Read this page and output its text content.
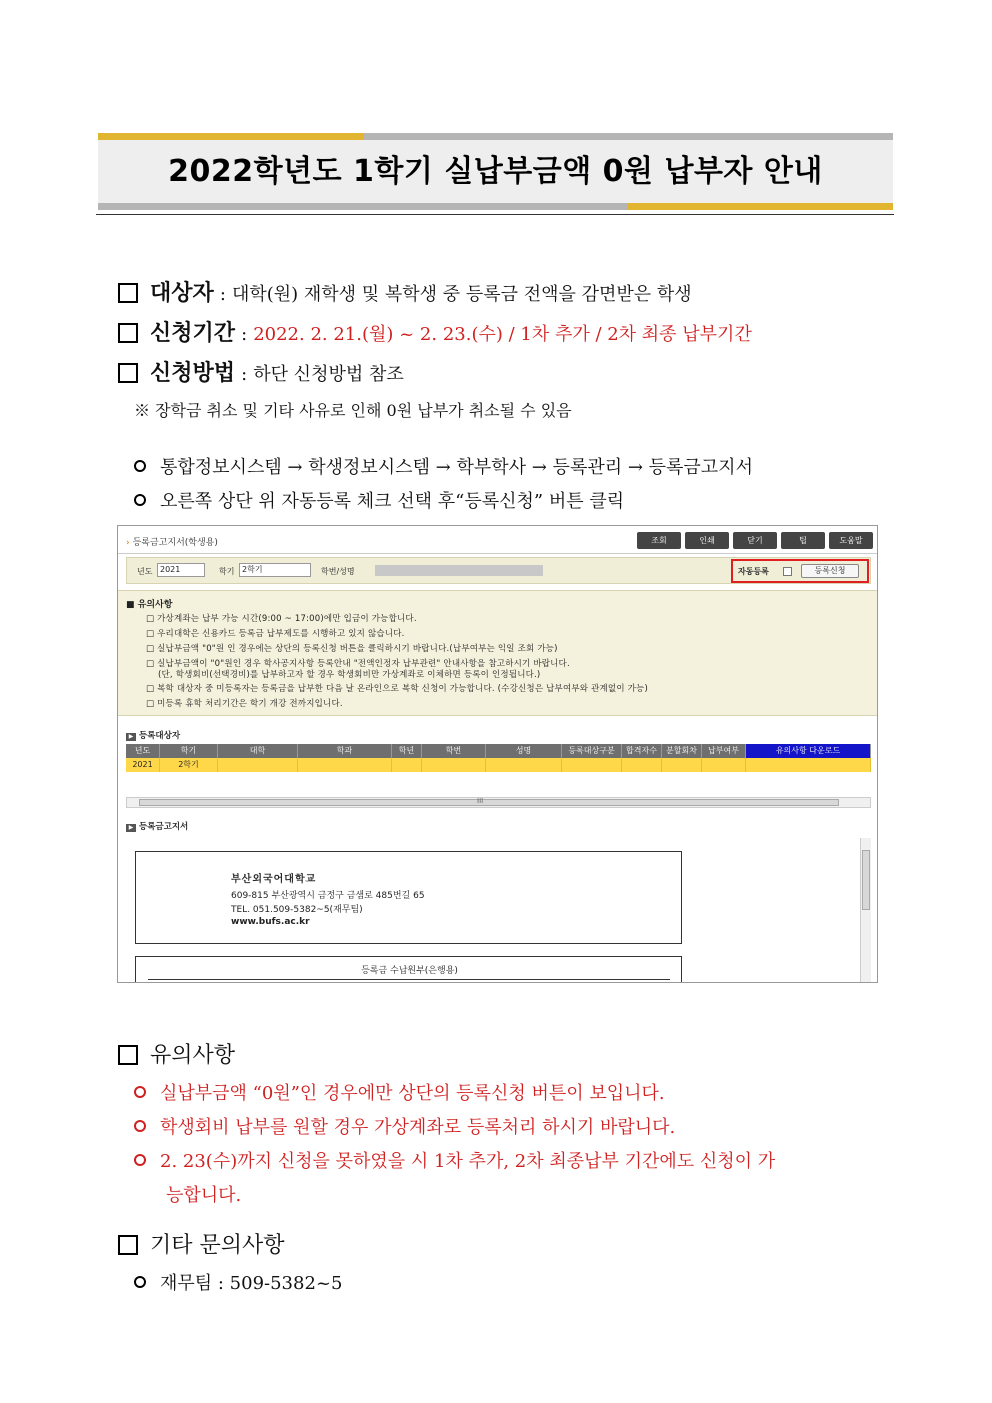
2022학년도 1학기 실납부금액 0원 납부자 안내
대상자 : 대학(원) 재학생 및 복학생 중 등록금 전액을 감면받은 학생
신청기간 : 2022. 2. 21.(월) ~ 2. 23.(수) / 1차 추가 / 2차 최종 납부기간
신청방법 : 하단 신청방법 참조
※ 장학금 취소 및 기타 사유로 인해 0원 납부가 취소될 수 있음
통합정보시스템 → 학생정보시스템 → 학부학사 → 등록관리 → 등록금고지서
오른쪽 상단 위 자동등록 체크 선택 후“등록신청” 버튼 클릭
› 등록금고지서(학생용)	조회	인쇄	닫기	팁	도움말
년도 2021	학기 2학기	학번/성명	자동등록	등록신청
■ 유의사항
□ 가상계좌는 납부 가능 시간(9:00 ~ 17:00)에만 입금이 가능합니다.
□ 우리대학은 신용카드 등록금 납부제도를 시행하고 있지 않습니다.
□ 실납부금액 "0"원 인 경우에는 상단의 등록신청 버튼을 클릭하시기 바랍니다.(납부여부는 익일 조회 가능)
□ 실납부금액이 "0"원인 경우 학사공지사항 등록안내 "전액인정자 납부관련" 안내사항을 참고하시기 바랍니다.
(단, 학생회비(선택경비)를 납부하고자 할 경우 학생회비만 가상계좌로 이체하면 등록이 인정됩니다.)
□ 복학 대상자 중 미등록자는 등록금을 납부한 다음 날 온라인으로 복학 신청이 가능합니다. (수강신청은 납부여부와 관계없이 가능)
□ 미등록 휴학 처리기간은 학기 개강 전까지입니다.
▶ 등록대상자
년도	학기	대학	학과	학년	학번	성명	등록대상구분	합격자수	분할회차	납부여부	유의사항 다운로드
2021	2학기
III
▶ 등록금고지서
부산외국어대학교
609-815 부산광역시 금정구 금샘로 485번길 65
TEL. 051.509-5382~5(재무팀)
www.bufs.ac.kr
등록금 수납원부(은행용)
유의사항
실납부금액 “0원”인 경우에만 상단의 등록신청 버튼이 보입니다.
학생회비 납부를 원할 경우 가상계좌로 등록처리 하시기 바랍니다.
2. 23(수)까지 신청을 못하였을 시 1차 추가, 2차 최종납부 기간에도 신청이 가
능합니다.
기타 문의사항
재무팀 : 509-5382~5
